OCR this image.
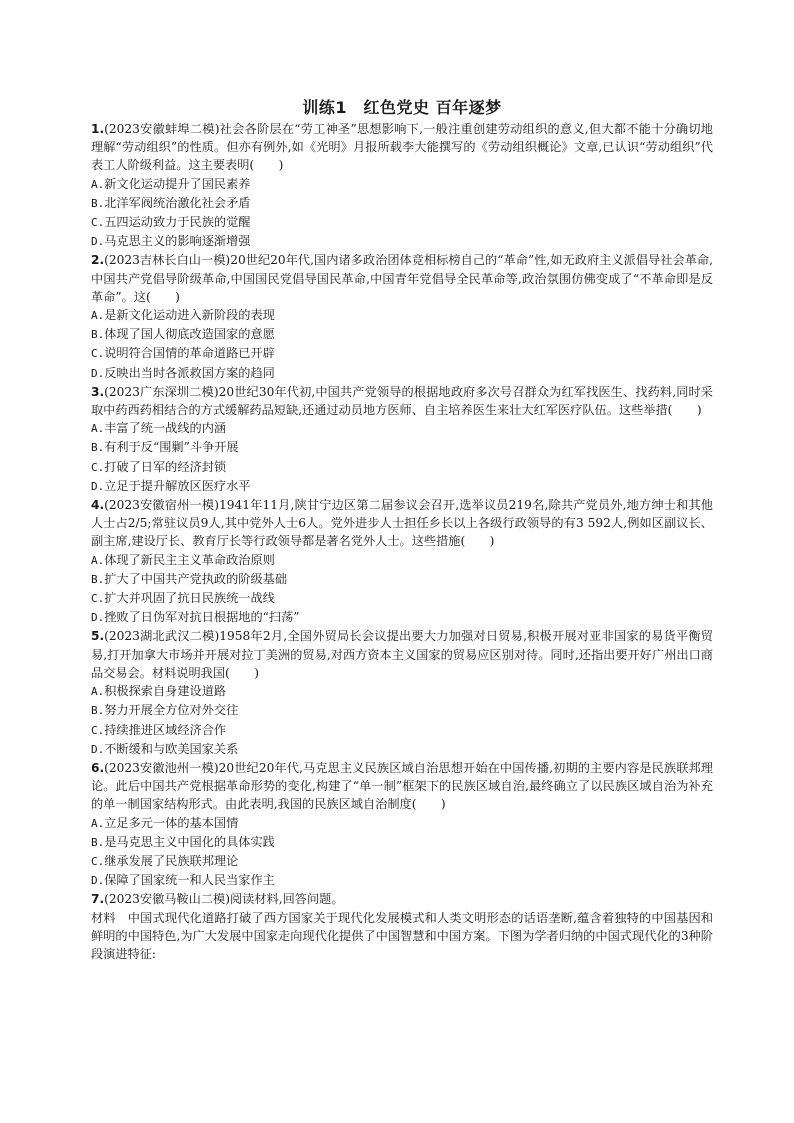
训练1　红色党史 百年逐梦

1.(2023安徽蚌埠二模)社会各阶层在“劳工神圣”思想影响下,一般注重创建劳动组织的意义,但大都不能十分确切地理解“劳动组织”的性质。但亦有例外,如《光明》月报所载李大能撰写的《劳动组织概论》文章,已认识“劳动组织”代表工人阶级利益。这主要表明(　　)

A.新文化运动提升了国民素养

B.北洋军阀统治激化社会矛盾

C.五四运动致力于民族的觉醒

D.马克思主义的影响逐渐增强

2.(2023吉林长白山一模)20世纪20年代,国内诸多政治团体竞相标榜自己的“革命”性,如无政府主义派倡导社会革命,中国共产党倡导阶级革命,中国国民党倡导国民革命,中国青年党倡导全民革命等,政治氛围仿佛变成了“不革命即是反革命”。这(　　)

A.是新文化运动进入新阶段的表现

B.体现了国人彻底改造国家的意愿

C.说明符合国情的革命道路已开辟

D.反映出当时各派救国方案的趋同

3.(2023广东深圳二模)20世纪30年代初,中国共产党领导的根据地政府多次号召群众为红军找医生、找药料,同时采取中药西药相结合的方式缓解药品短缺,还通过动员地方医师、自主培养医生来壮大红军医疗队伍。这些举措(　　)

A.丰富了统一战线的内涵

B.有利于反“围剿”斗争开展

C.打破了日军的经济封锁

D.立足于提升解放区医疗水平

4.(2023安徽宿州一模)1941年11月,陕甘宁边区第二届参议会召开,选举议员219名,除共产党员外,地方绅士和其他人士占2/5;常驻议员9人,其中党外人士6人。党外进步人士担任乡长以上各级行政领导的有3 592人,例如区副议长、副主席,建设厅长、教育厅长等行政领导都是著名党外人士。这些措施(　　)

A.体现了新民主主义革命政治原则

B.扩大了中国共产党执政的阶级基础

C.扩大并巩固了抗日民族统一战线

D.挫败了日伪军对抗日根据地的“扫荡”

5.(2023湖北武汉二模)1958年2月,全国外贸局长会议提出要大力加强对日贸易,积极开展对亚非国家的易货平衡贸易,打开加拿大市场并开展对拉丁美洲的贸易,对西方资本主义国家的贸易应区别对待。同时,还指出要开好广州出口商品交易会。材料说明我国(　　)

A.积极探索自身建设道路

B.努力开展全方位对外交往

C.持续推进区域经济合作

D.不断缓和与欧美国家关系

6.(2023安徽池州一模)20世纪20年代,马克思主义民族区域自治思想开始在中国传播,初期的主要内容是民族联邦理论。此后中国共产党根据革命形势的变化,构建了“单一制”框架下的民族区域自治,最终确立了以民族区域自治为补充的单一制国家结构形式。由此表明,我国的民族区域自治制度(　　)

A.立足多元一体的基本国情

B.是马克思主义中国化的具体实践

C.继承发展了民族联邦理论

D.保障了国家统一和人民当家作主

7.(2023安徽马鞍山二模)阅读材料,回答问题。

材料 中国式现代化道路打破了西方国家关于现代化发展模式和人类文明形态的话语垄断,蕴含着独特的中国基因和鲜明的中国特色,为广大发展中国家走向现代化提供了中国智慧和中国方案。下图为学者归纳的中国式现代化的3种阶段演进特征:
